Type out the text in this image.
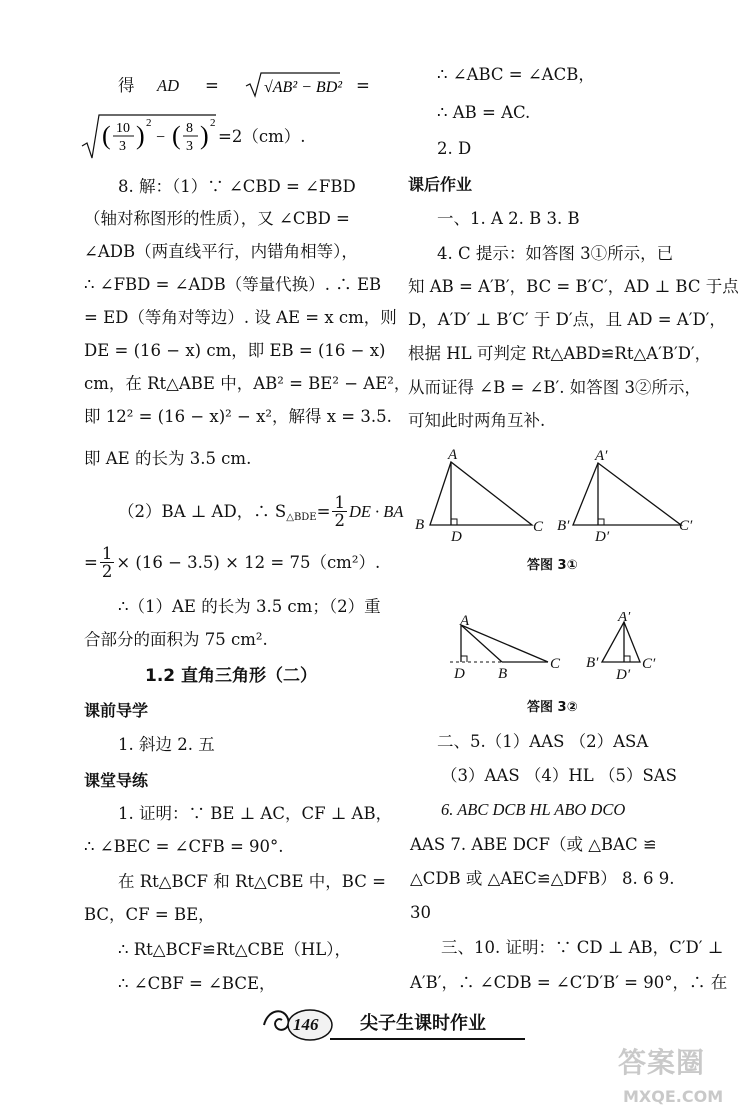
得 AD =	√AB² − BD² =
( 10
3 ) 2
− ( 8
3 ) 2
=2（cm）.
8. 解：（1）∵ ∠CBD = ∠FBD
（轴对称图形的性质），又 ∠CBD =
∠ADB（两直线平行，内错角相等），
∴ ∠FBD = ∠ADB（等量代换）. ∴ EB
= ED（等角对等边）. 设 AE = x cm，则
DE = (16 − x) cm，即 EB = (16 − x)
cm，在 Rt△ABE 中，AB² = BE² − AE²，
即 12² = (16 − x)² − x²，解得 x = 3.5.
即 AE 的长为 3.5 cm.
（2）BA ⊥ AD，∴ S △BDE = $\frac{1}{2}$ DE · BA
= $\frac{1}{2} \times (16 - 3.5) \times 12 = 75(cm^2)$.
∴（1）AE 的长为 3.5 cm；（2）重
合部分的面积为 75 cm².
1.2 直角三角形（二）
课前导学
1. 斜边 2. 五
课堂导练
1. 证明：∵ BE ⊥ AC，CF ⊥ AB，
∴ ∠BEC = ∠CFB = 90°.
在 Rt△BCF 和 Rt△CBE 中，BC =
BC，CF = BE，
∴ Rt△BCF≌Rt△CBE（HL），
∴ ∠CBF = ∠BCE，
∴ ∠ABC = ∠ACB，
∴ AB = AC.
2. D
课后作业
一、1. A 2. B 3. B
4. C 提示：如答图 3①所示，已
知 AB = A′B′，BC = B′C′，AD ⊥ BC 于点
D，A′D′ ⊥ B′C′ 于 D′点，且 AD = A′D′，
根据 HL 可判定 Rt△ABD≌Rt△A′B′D′，
从而证得 ∠B = ∠B′. 如答图 3②所示，
可知此时两角互补.
A
B	C
D
A′
B′	C′
D′
答图 3①
A
D B
C
A′
B′	C′
D′
答图 3②
二、5.（1）AAS （2）ASA
（3）AAS （4）HL （5）SAS
6. ABC DCB HL ABO DCO
AAS 7. ABE DCF（或 △BAC ≌
△CDB 或 △AEC≌△DFB） 8. 6 9.
30
三、10. 证明：∵ CD ⊥ AB，C′D′ ⊥
A′B′，∴ ∠CDB = ∠C′D′B′ = 90°，∴ 在
146 尖子生课时作业
答案圈
MXQE.COM
